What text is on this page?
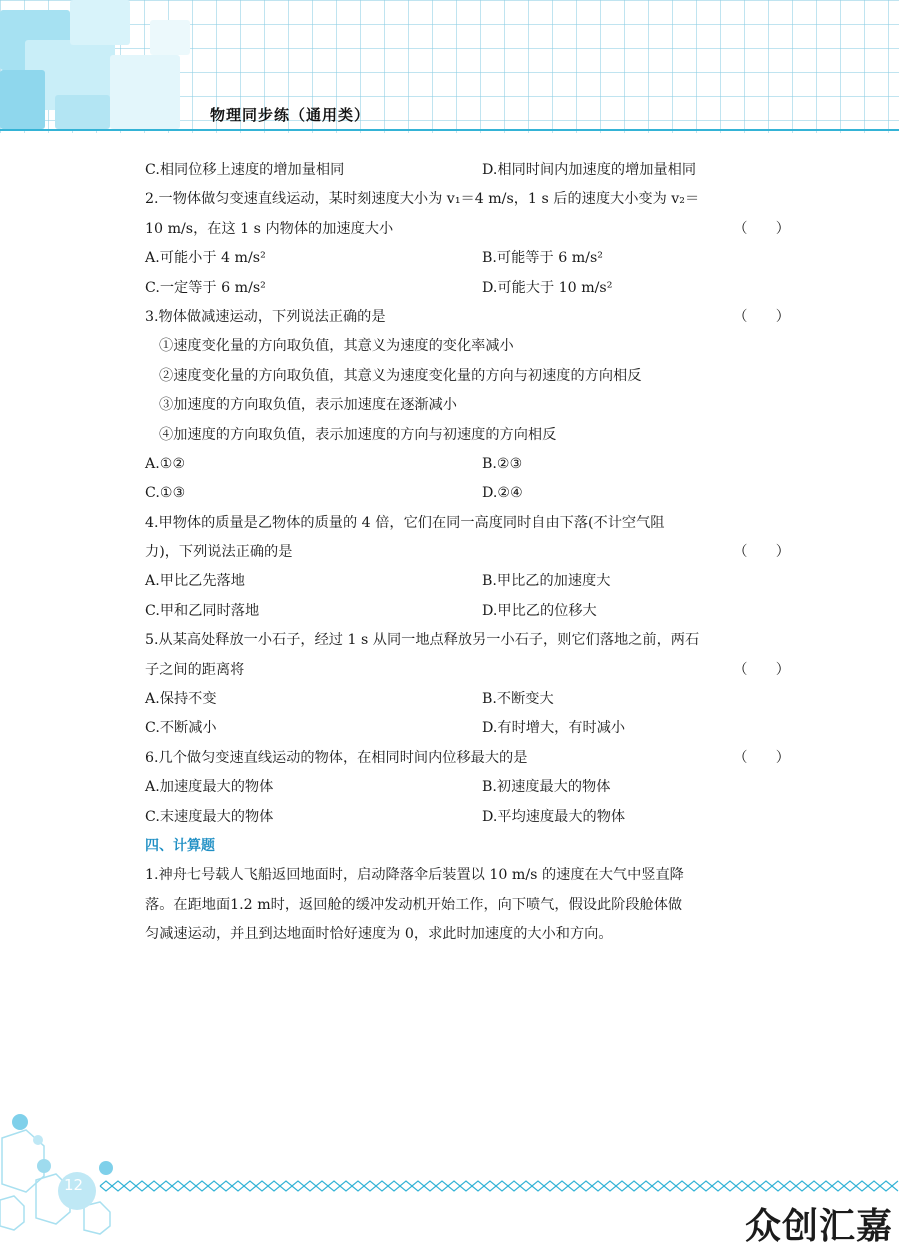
物理同步练（通用类）
C.相同位移上速度的增加量相同	D.相同时间内加速度的增加量相同
2.一物体做匀变速直线运动，某时刻速度大小为 v₁＝4 m/s，1 s 后的速度大小变为 v₂＝
10 m/s，在这 1 s 内物体的加速度大小	（　　）
A.可能小于 4 m/s²	B.可能等于 6 m/s²
C.一定等于 6 m/s²	D.可能大于 10 m/s²
3.物体做减速运动，下列说法正确的是	（　　）
①速度变化量的方向取负值，其意义为速度的变化率减小
②速度变化量的方向取负值，其意义为速度变化量的方向与初速度的方向相反
③加速度的方向取负值，表示加速度在逐渐减小
④加速度的方向取负值，表示加速度的方向与初速度的方向相反
A.①②	B.②③
C.①③	D.②④
4.甲物体的质量是乙物体的质量的 4 倍，它们在同一高度同时自由下落(不计空气阻
力)，下列说法正确的是	（　　）
A.甲比乙先落地	B.甲比乙的加速度大
C.甲和乙同时落地	D.甲比乙的位移大
5.从某高处释放一小石子，经过 1 s 从同一地点释放另一小石子，则它们落地之前，两石
子之间的距离将	（　　）
A.保持不变	B.不断变大
C.不断减小	D.有时增大，有时减小
6.几个做匀变速直线运动的物体，在相同时间内位移最大的是	（　　）
A.加速度最大的物体	B.初速度最大的物体
C.末速度最大的物体	D.平均速度最大的物体
四、计算题
1.神舟七号载人飞船返回地面时，启动降落伞后装置以 10 m/s 的速度在大气中竖直降
落。在距地面1.2 m时，返回舱的缓冲发动机开始工作，向下喷气，假设此阶段舱体做
匀减速运动，并且到达地面时恰好速度为 0，求此时加速度的大小和方向。
12
众创汇嘉
